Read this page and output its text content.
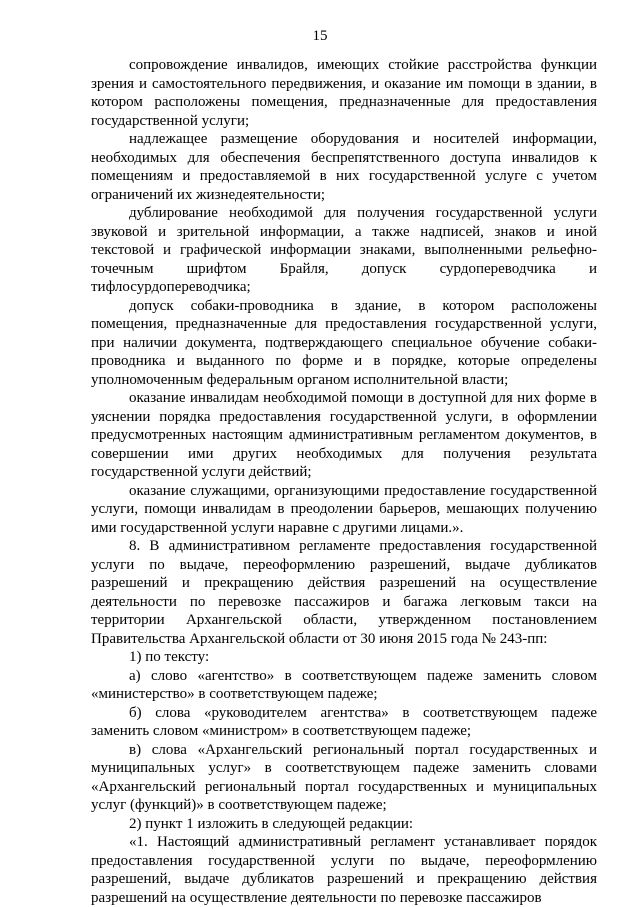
15

сопровождение инвалидов, имеющих стойкие расстройства функции зрения и самостоятельного передвижения, и оказание им помощи в здании, в котором расположены помещения, предназначенные для предоставления государственной услуги;

надлежащее размещение оборудования и носителей информации, необходимых для обеспечения беспрепятственного доступа инвалидов к помещениям и предоставляемой в них государственной услуге с учетом ограничений их жизнедеятельности;

дублирование необходимой для получения государственной услуги звуковой и зрительной информации, а также надписей, знаков и иной текстовой и графической информации знаками, выполненными рельефно-точечным шрифтом Брайля, допуск сурдопереводчика и тифлосурдопереводчика;

допуск собаки-проводника в здание, в котором расположены помещения, предназначенные для предоставления государственной услуги, при наличии документа, подтверждающего специальное обучение собаки-проводника и выданного по форме и в порядке, которые определены уполномоченным федеральным органом исполнительной власти;

оказание инвалидам необходимой помощи в доступной для них форме в уяснении порядка предоставления государственной услуги, в оформлении предусмотренных настоящим административным регламентом документов, в совершении ими других необходимых для получения результата государственной услуги действий;

оказание служащими, организующими предоставление государственной услуги, помощи инвалидам в преодолении барьеров, мешающих получению ими государственной услуги наравне с другими лицами.».

8. В административном регламенте предоставления государственной услуги по выдаче, переоформлению разрешений, выдаче дубликатов разрешений и прекращению действия разрешений на осуществление деятельности по перевозке пассажиров и багажа легковым такси на территории Архангельской области, утвержденном постановлением Правительства Архангельской области от 30 июня 2015 года № 243-пп:

1) по тексту:

а) слово «агентство» в соответствующем падеже заменить словом «министерство» в соответствующем падеже;

б) слова «руководителем агентства» в соответствующем падеже заменить словом «министром» в соответствующем падеже;

в) слова «Архангельский региональный портал государственных и муниципальных услуг» в соответствующем падеже заменить словами «Архангельский региональный портал государственных и муниципальных услуг (функций)» в соответствующем падеже;

2) пункт 1 изложить в следующей редакции:

«1. Настоящий административный регламент устанавливает порядок предоставления государственной услуги по выдаче, переоформлению разрешений, выдаче дубликатов разрешений и прекращению действия разрешений на осуществление деятельности по перевозке пассажиров
